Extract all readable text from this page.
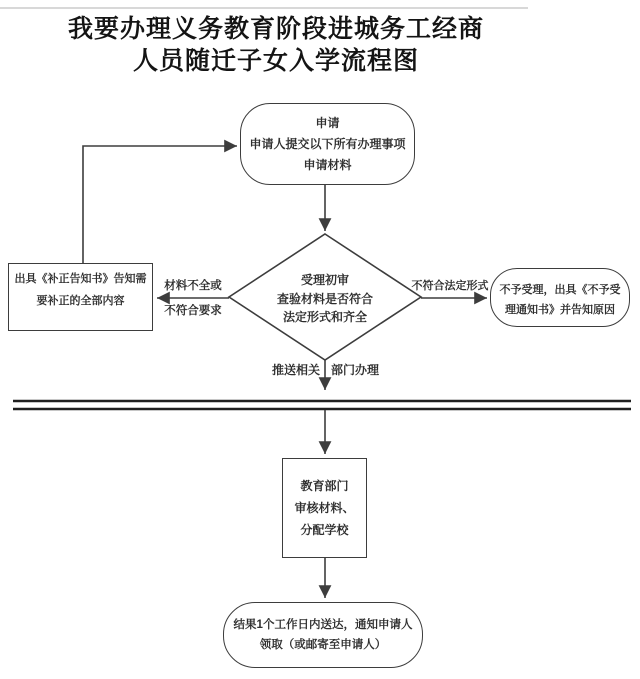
我要办理义务教育阶段进城务工经商
人员随迁子女入学流程图
申请
申请人提交以下所有办理事项
申请材料
受理初审
查验材料是否符合
法定形式和齐全
出具《补正告知书》告知需
要补正的全部内容
不予受理，出具《不予受
理通知书》并告知原因
教育部门
审核材料、
分配学校
结果1个工作日内送达，通知申请人
领取（或邮寄至申请人）
材料不全或
不符合要求
不符合法定形式
推送相关 部门办理
